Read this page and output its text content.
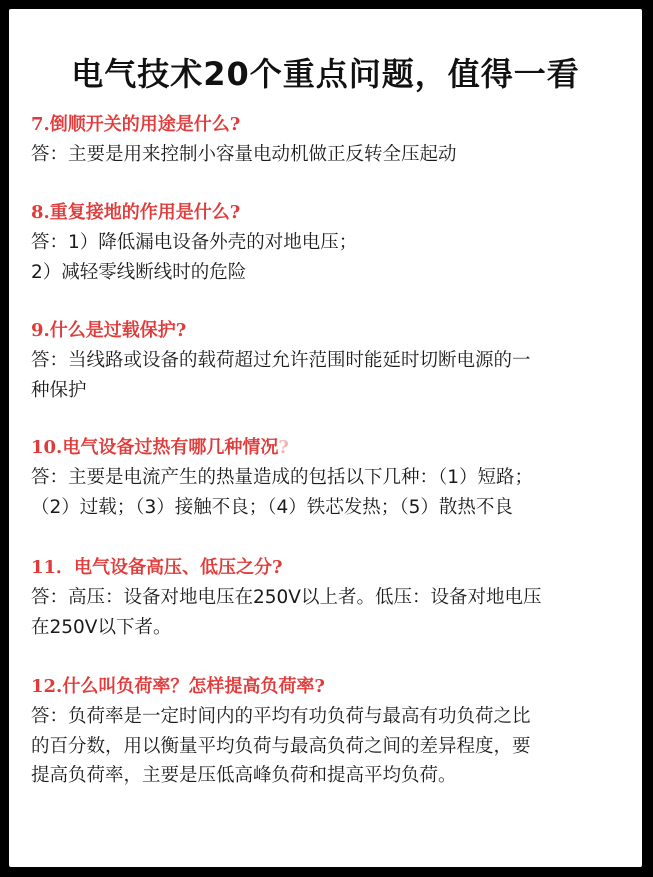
电气技术20个重点问题，值得一看
7.倒顺开关的用途是什么?
答：主要是用来控制小容量电动机做正反转全压起动
8.重复接地的作用是什么?
答：1）降低漏电设备外壳的对地电压；
2）减轻零线断线时的危险
9.什么是过载保护?
答：当线路或设备的载荷超过允许范围时能延时切断电源的一
种保护
10.电气设备过热有哪几种情况?
答：主要是电流产生的热量造成的包括以下几种：（1）短路；
（2）过载；（3）接触不良；（4）铁芯发热；（5）散热不良
11．电气设备高压、低压之分?
答：高压：设备对地电压在250V以上者。低压：设备对地电压
在250V以下者。
12.什么叫负荷率？怎样提高负荷率?
答：负荷率是一定时间内的平均有功负荷与最高有功负荷之比
的百分数，用以衡量平均负荷与最高负荷之间的差异程度，要
提高负荷率，主要是压低高峰负荷和提高平均负荷。
